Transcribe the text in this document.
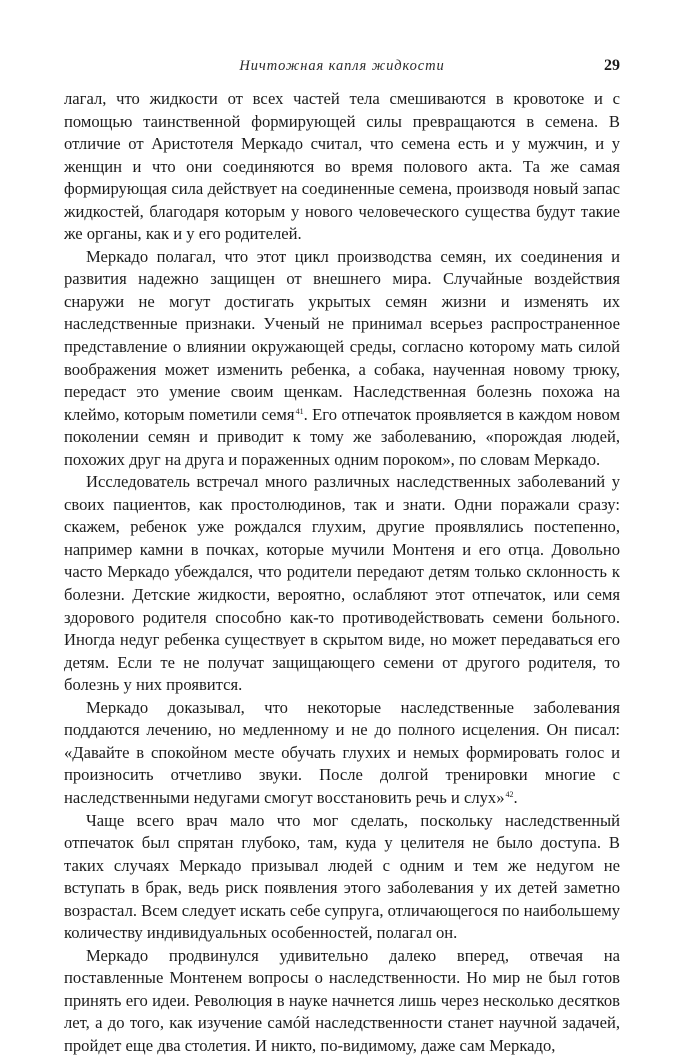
Ничтожная капля жидкости	29

лагал, что жидкости от всех частей тела смешиваются в кровотоке и с помощью таинственной формирующей силы превращаются в семена. В отличие от Аристотеля Меркадо считал, что семена есть и у мужчин, и у женщин и что они соединяются во время полового акта. Та же самая формирующая сила действует на соединенные семена, производя новый запас жидкостей, благодаря которым у нового человеческого существа будут такие же органы, как и у его родителей.

Меркадо полагал, что этот цикл производства семян, их соединения и развития надежно защищен от внешнего мира. Случайные воздействия снаружи не могут достигать укрытых семян жизни и изменять их наследственные признаки. Ученый не принимал всерьез распространенное представление о влиянии окружающей среды, согласно которому мать силой воображения может изменить ребенка, а собака, наученная новому трюку, передаст это умение своим щенкам. Наследственная болезнь похожа на клеймо, которым пометили семя$^{41}$. Его отпечаток проявляется в каждом новом поколении семян и приводит к тому же заболеванию, «порождая людей, похожих друг на друга и пораженных одним пороком», по словам Меркадо.

Исследователь встречал много различных наследственных заболеваний у своих пациентов, как простолюдинов, так и знати. Одни поражали сразу: скажем, ребенок уже рождался глухим, другие проявлялись постепенно, например камни в почках, которые мучили Монтеня и его отца. Довольно часто Меркадо убеждался, что родители передают детям только склонность к болезни. Детские жидкости, вероятно, ослабляют этот отпечаток, или семя здорового родителя способно как-то противодействовать семени больного. Иногда недуг ребенка существует в скрытом виде, но может передаваться его детям. Если те не получат защищающего семени от другого родителя, то болезнь у них проявится.

Меркадо доказывал, что некоторые наследственные заболевания поддаются лечению, но медленному и не до полного исцеления. Он писал: «Давайте в спокойном месте обучать глухих и немых формировать голос и произносить отчетливо звуки. После долгой тренировки многие с наследственными недугами смогут восстановить речь и слух»$^{42}$.

Чаще всего врач мало что мог сделать, поскольку наследственный отпечаток был спрятан глубоко, там, куда у целителя не было доступа. В таких случаях Меркадо призывал людей с одним и тем же недугом не вступать в брак, ведь риск появления этого заболевания у их детей заметно возрастал. Всем следует искать себе супруга, отличающегося по наибольшему количеству индивидуальных особенностей, полагал он.

Меркадо продвинулся удивительно далеко вперед, отвечая на поставленные Монтенем вопросы о наследственности. Но мир не был готов принять его идеи. Революция в науке начнется лишь через несколько десятков лет, а до того, как изучение самóй наследственности станет научной задачей, пройдет еще два столетия. И никто, по-видимому, даже сам Меркадо,
